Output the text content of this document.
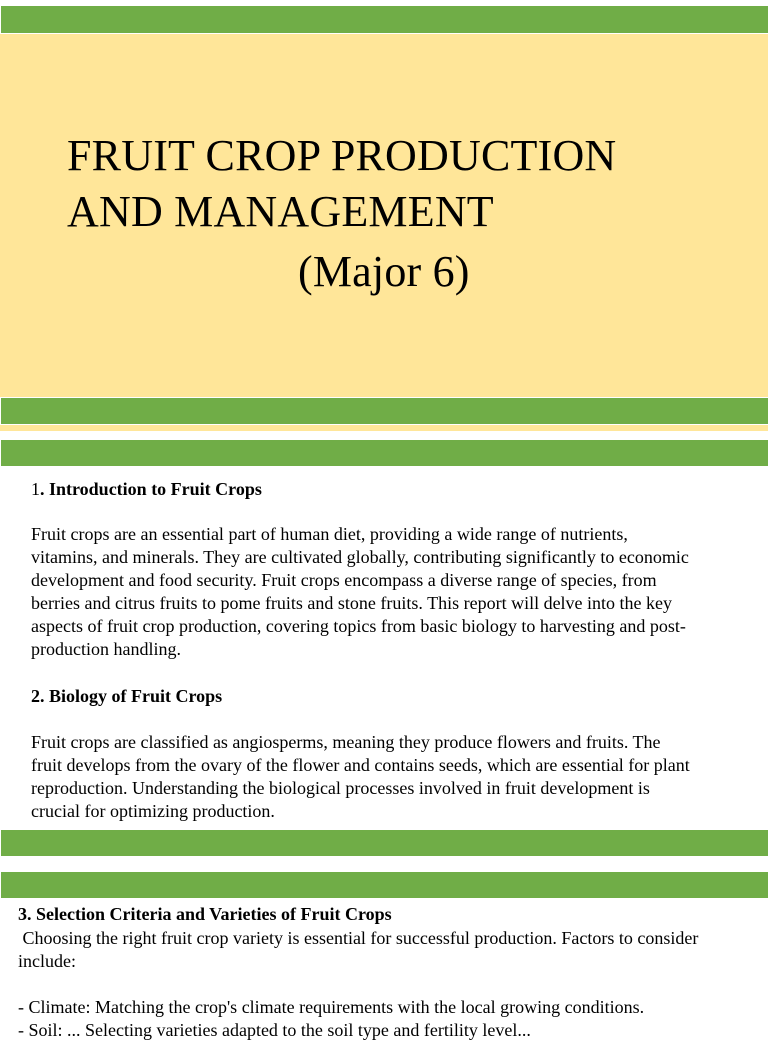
FRUIT CROP PRODUCTION
AND MANAGEMENT
(Major 6)
1. Introduction to Fruit Crops

Fruit crops are an essential part of human diet, providing a wide range of nutrients,
vitamins, and minerals. They are cultivated globally, contributing significantly to economic
development and food security. Fruit crops encompass a diverse range of species, from
berries and citrus fruits to pome fruits and stone fruits. This report will delve into the key
aspects of fruit crop production, covering topics from basic biology to harvesting and post-
production handling.

2. Biology of Fruit Crops

Fruit crops are classified as angiosperms, meaning they produce flowers and fruits. The
fruit develops from the ovary of the flower and contains seeds, which are essential for plant
reproduction. Understanding the biological processes involved in fruit development is
crucial for optimizing production.

3. Selection Criteria and Varieties of Fruit Crops

Choosing the right fruit crop variety is essential for successful production. Factors to consider
include:

- Climate: Matching the crop's climate requirements with the local growing conditions.
- Soil: ... Selecting varieties adapted to the soil type and fertility level...
